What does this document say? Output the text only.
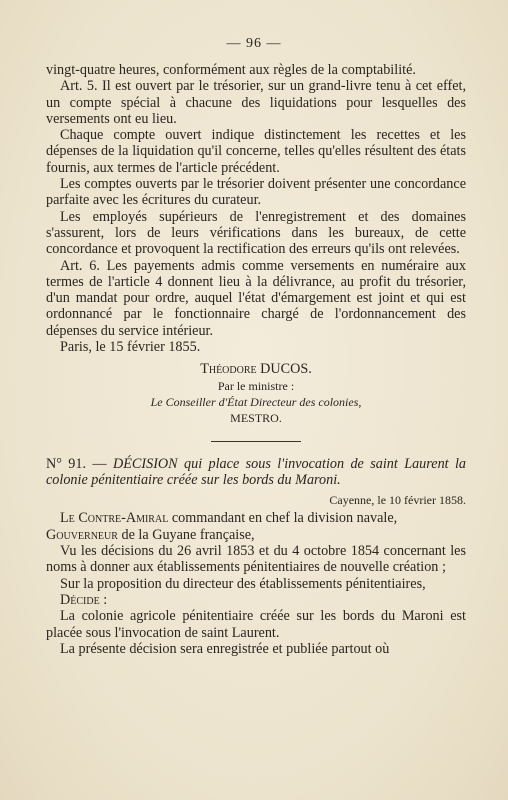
— 96 —

vingt-quatre heures, conformément aux règles de la comptabilité.

Art. 5. Il est ouvert par le trésorier, sur un grand-livre tenu à cet effet, un compte spécial à chacune des liquidations pour lesquelles des versements ont eu lieu.

Chaque compte ouvert indique distinctement les recettes et les dépenses de la liquidation qu'il concerne, telles qu'elles résultent des états fournis, aux termes de l'article précédent.

Les comptes ouverts par le trésorier doivent présenter une concordance parfaite avec les écritures du curateur.

Les employés supérieurs de l'enregistrement et des domaines s'assurent, lors de leurs vérifications dans les bureaux, de cette concordance et provoquent la rectification des erreurs qu'ils ont relevées.

Art. 6. Les payements admis comme versements en numéraire aux termes de l'article 4 donnent lieu à la délivrance, au profit du trésorier, d'un mandat pour ordre, auquel l'état d'émargement est joint et qui est ordonnancé par le fonctionnaire chargé de l'ordonnancement des dépenses du service intérieur.

Paris, le 15 février 1855.

Théodore DUCOS.

Par le ministre :

Le Conseiller d'État Directeur des colonies,

MESTRO.

N° 91. — DÉCISION qui place sous l'invocation de saint Laurent la colonie pénitentiaire créée sur les bords du Maroni.

Cayenne, le 10 février 1858.

Le Contre-Amiral commandant en chef la division navale,

Gouverneur de la Guyane française,

Vu les décisions du 26 avril 1853 et du 4 octobre 1854 concernant les noms à donner aux établissements pénitentiaires de nouvelle création ;

Sur la proposition du directeur des établissements pénitentiaires,

Décide :

La colonie agricole pénitentiaire créée sur les bords du Maroni est placée sous l'invocation de saint Laurent.

La présente décision sera enregistrée et publiée partout où
